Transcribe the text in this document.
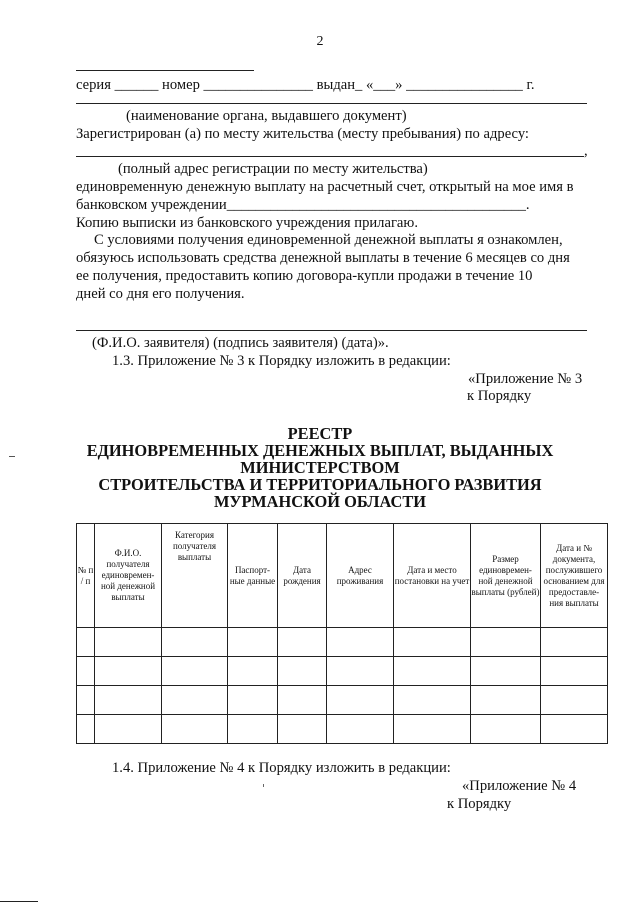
2
серия ______ номер _______________ выдан_ «___» ________________ г.
(наименование органа, выдавшего документ)
Зарегистрирован (а) по месту жительства (месту пребывания) по адресу:
,
(полный адрес регистрации по месту жительства)
единовременную денежную выплату на расчетный счет, открытый на мое имя в
банковском учреждении_________________________________________.
Копию выписки из банковского учреждения прилагаю.
С условиями получения единовременной денежной выплаты я ознакомлен,
обязуюсь использовать средства денежной выплаты в течение 6 месяцев со дня
ее получения, предоставить копию договора-купли продажи в течение 10
дней со дня его получения.
(Ф.И.О. заявителя) (подпись заявителя) (дата)».
1.3. Приложение № 3 к Порядку изложить в редакции:
«Приложение № 3
к Порядку
РЕЕСТР
ЕДИНОВРЕМЕННЫХ ДЕНЕЖНЫХ ВЫПЛАТ, ВЫДАННЫХ
МИНИСТЕРСТВОМ
СТРОИТЕЛЬСТВА И ТЕРРИТОРИАЛЬНОГО РАЗВИТИЯ
МУРМАНСКОЙ ОБЛАСТИ
№ п / п	Ф.И.О. получателя единовремен- ной денежной выплаты	Категория получателя выплаты	Паспорт- ные данные	Дата рождения	Адрес проживания	Дата и место постановки на учет	Размер единовремен- ной денежной выплаты (рублей)	Дата и № документа, послужившего основанием для предоставле- ния выплаты

1.4. Приложение № 4 к Порядку изложить в редакции:
«Приложение № 4
к Порядку
